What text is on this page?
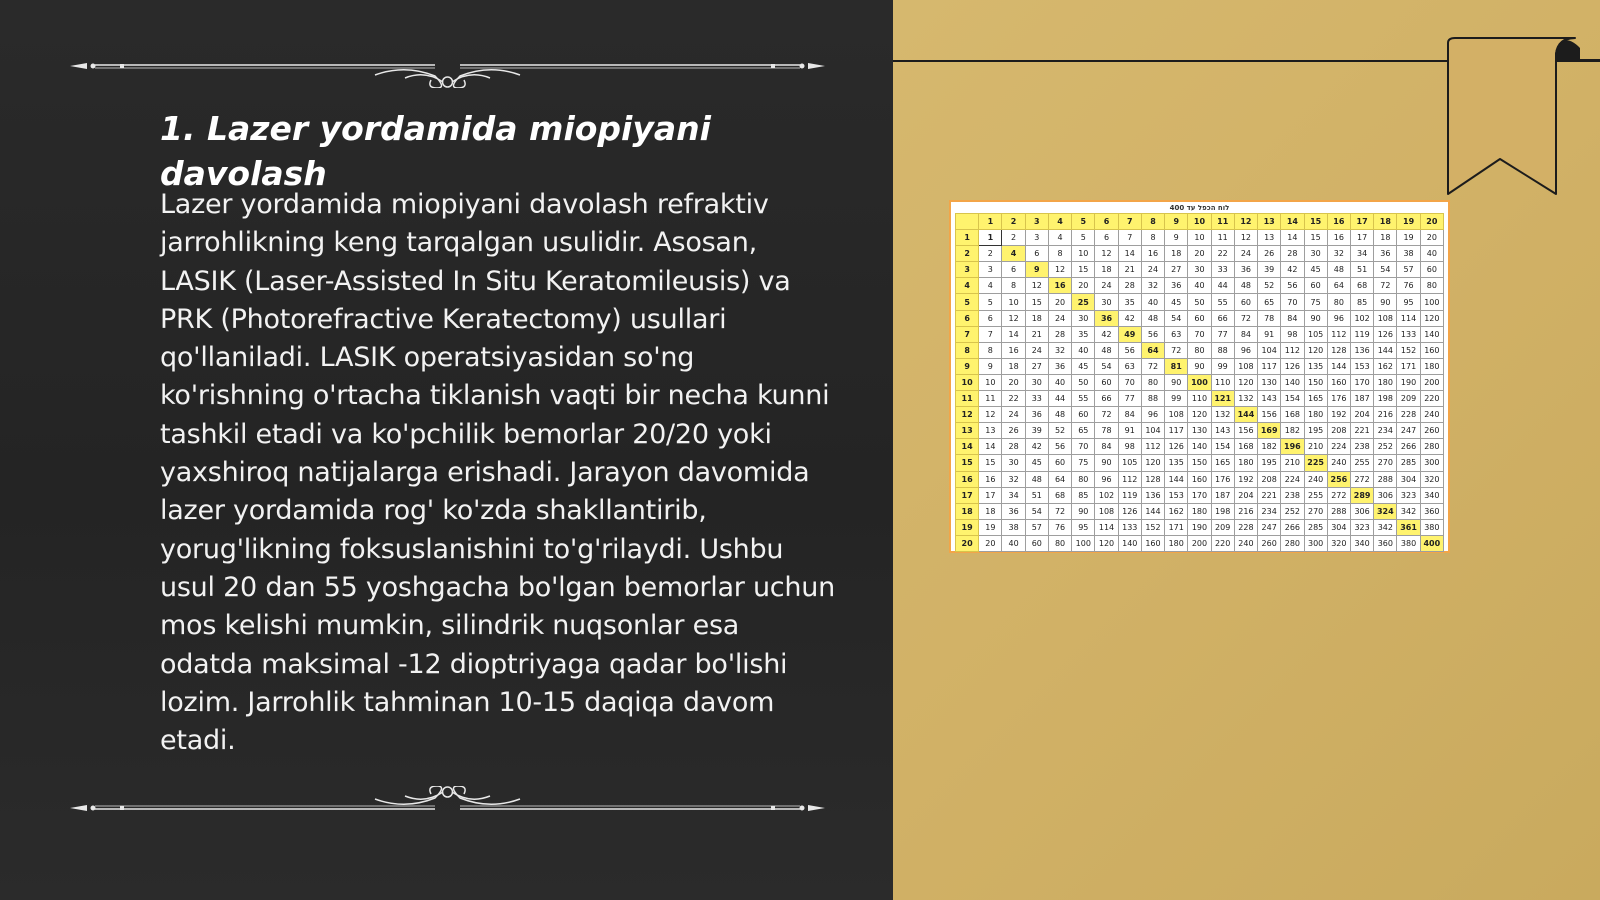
1. Lazer yordamida miopiyani davolash
Lazer yordamida miopiyani davolash refraktiv jarrohlikning keng tarqalgan usulidir. Asosan, LASIK (Laser-Assisted In Situ Keratomileusis) va PRK (Photorefractive Keratectomy) usullari qo'llaniladi. LASIK operatsiyasidan so'ng ko'rishning o'rtacha tiklanish vaqti bir necha kunni tashkil etadi va ko'pchilik bemorlar 20/20 yoki yaxshiroq natijalarga erishadi. Jarayon davomida lazer yordamida rog' ko'zda shakllantirib, yorug'likning foksuslanishini to'g'rilaydi. Ushbu usul 20 dan 55 yoshgacha bo'lgan bemorlar uchun mos kelishi mumkin, silindrik nuqsonlar esa odatda maksimal -12 dioptriyaga qadar bo'lishi lozim. Jarrohlik tahminan 10-15 daqiqa davom etadi.
לוח הכפל עד 400
	1	2	3	4	5	6	7	8	9	10	11	12	13	14	15	16	17	18	19	20
1	1	2	3	4	5	6	7	8	9	10	11	12	13	14	15	16	17	18	19	20
2	2	4	6	8	10	12	14	16	18	20	22	24	26	28	30	32	34	36	38	40
3	3	6	9	12	15	18	21	24	27	30	33	36	39	42	45	48	51	54	57	60
4	4	8	12	16	20	24	28	32	36	40	44	48	52	56	60	64	68	72	76	80
5	5	10	15	20	25	30	35	40	45	50	55	60	65	70	75	80	85	90	95	100
6	6	12	18	24	30	36	42	48	54	60	66	72	78	84	90	96	102	108	114	120
7	7	14	21	28	35	42	49	56	63	70	77	84	91	98	105	112	119	126	133	140
8	8	16	24	32	40	48	56	64	72	80	88	96	104	112	120	128	136	144	152	160
9	9	18	27	36	45	54	63	72	81	90	99	108	117	126	135	144	153	162	171	180
10	10	20	30	40	50	60	70	80	90	100	110	120	130	140	150	160	170	180	190	200
11	11	22	33	44	55	66	77	88	99	110	121	132	143	154	165	176	187	198	209	220
12	12	24	36	48	60	72	84	96	108	120	132	144	156	168	180	192	204	216	228	240
13	13	26	39	52	65	78	91	104	117	130	143	156	169	182	195	208	221	234	247	260
14	14	28	42	56	70	84	98	112	126	140	154	168	182	196	210	224	238	252	266	280
15	15	30	45	60	75	90	105	120	135	150	165	180	195	210	225	240	255	270	285	300
16	16	32	48	64	80	96	112	128	144	160	176	192	208	224	240	256	272	288	304	320
17	17	34	51	68	85	102	119	136	153	170	187	204	221	238	255	272	289	306	323	340
18	18	36	54	72	90	108	126	144	162	180	198	216	234	252	270	288	306	324	342	360
19	19	38	57	76	95	114	133	152	171	190	209	228	247	266	285	304	323	342	361	380
20	20	40	60	80	100	120	140	160	180	200	220	240	260	280	300	320	340	360	380	400
